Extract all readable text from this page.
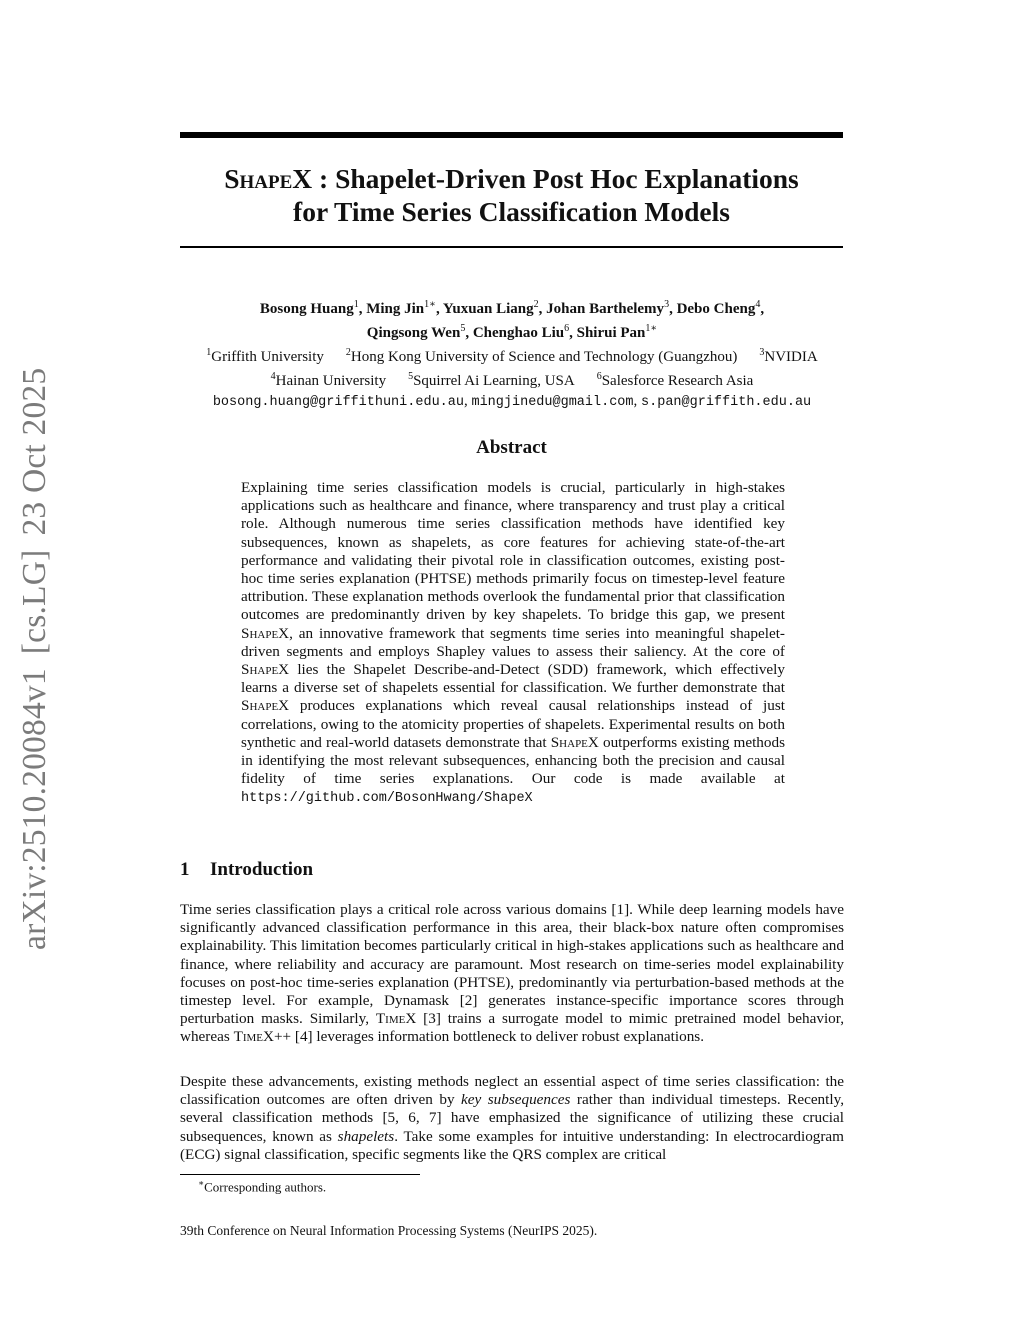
arXiv:2510.20084v1[cs.LG]23 Oct 2025
ShapeX : Shapelet-Driven Post Hoc Explanations
for Time Series Classification Models
Bosong Huang$^1$, Ming Jin$^{1∗}$, Yuxuan Liang$^2$, Johan Barthelemy$^3$, Debo Cheng$^4$,
Qingsong Wen$^5$, Chenghao Liu$^6$, Shirui Pan$^{1∗}$
$^1$Griffith University $^2$Hong Kong University of Science and Technology (Guangzhou) $^3$NVIDIA
$^4$Hainan University $^5$Squirrel Ai Learning, USA $^6$Salesforce Research Asia
bosong.huang@griffithuni.edu.au, mingjinedu@gmail.com, s.pan@griffith.edu.au
Abstract
Explaining time series classification models is crucial, particularly in high-stakes applications such as healthcare and finance, where transparency and trust play a critical role. Although numerous time series classification methods have identified key subsequences, known as shapelets, as core features for achieving state-of-the-art performance and validating their pivotal role in classification outcomes, existing post-hoc time series explanation (PHTSE) methods primarily focus on timestep-level feature attribution. These explanation methods overlook the fundamental prior that classification outcomes are predominantly driven by key shapelets. To bridge this gap, we present ShapeX, an innovative framework that segments time series into meaningful shapelet-driven segments and employs Shapley values to assess their saliency. At the core of ShapeX lies the Shapelet Describe-and-Detect (SDD) framework, which effectively learns a diverse set of shapelets essential for classification. We further demonstrate that ShapeX produces explanations which reveal causal relationships instead of just correlations, owing to the atomicity properties of shapelets. Experimental results on both synthetic and real-world datasets demonstrate that ShapeX outperforms existing methods in identifying the most relevant subsequences, enhancing both the precision and causal fidelity of time series explanations. Our code is made available at https://github.com/BosonHwang/ShapeX
1 Introduction
Time series classification plays a critical role across various domains [1]. While deep learning models have significantly advanced classification performance in this area, their black-box nature often compromises explainability. This limitation becomes particularly critical in high-stakes applications such as healthcare and finance, where reliability and accuracy are paramount. Most research on time-series model explainability focuses on post-hoc time-series explanation (PHTSE), predominantly via perturbation-based methods at the timestep level. For example, Dynamask [2] generates instance-specific importance scores through perturbation masks. Similarly, TimeX [3] trains a surrogate model to mimic pretrained model behavior, whereas TimeX++ [4] leverages information bottleneck to deliver robust explanations.
Despite these advancements, existing methods neglect an essential aspect of time series classification: the classification outcomes are often driven by key subsequences rather than individual timesteps. Recently, several classification methods [5, 6, 7] have emphasized the significance of utilizing these crucial subsequences, known as shapelets. Take some examples for intuitive understanding: In electrocardiogram (ECG) signal classification, specific segments like the QRS complex are critical
∗Corresponding authors.
39th Conference on Neural Information Processing Systems (NeurIPS 2025).
